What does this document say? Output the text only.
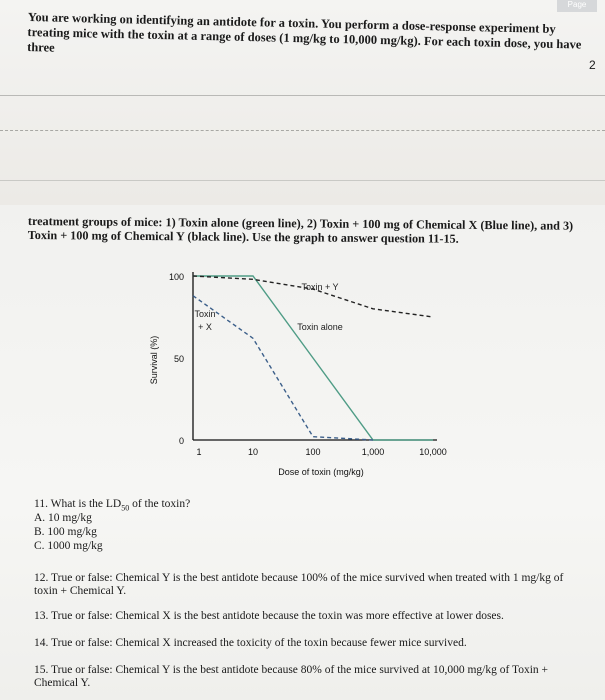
Page
You are working on identifying an antidote for a toxin. You perform a dose-response experiment by treating mice with the toxin at a range of doses (1 mg/kg to 10,000 mg/kg). For each toxin dose, you have three
2
treatment groups of mice: 1) Toxin alone (green line), 2) Toxin + 100 mg of Chemical X (Blue line), and 3) Toxin + 100 mg of Chemical Y (black line). Use the graph to answer question 11-15.
0
50
100
1	10	100	1,000	10,000
Dose of toxin (mg/kg)
Survival (%)
Toxin alone
Toxin
+ X
Toxin + Y
11. What is the $LD_{50}$ of the toxin?
A. 10 mg/kg
B. 100 mg/kg
C. 1000 mg/kg
12. True or false: Chemical Y is the best antidote because 100% of the mice survived when treated with 1 mg/kg of toxin + Chemical Y.
13. True or false: Chemical X is the best antidote because the toxin was more effective at lower doses.
14. True or false: Chemical X increased the toxicity of the toxin because fewer mice survived.
15. True or false: Chemical Y is the best antidote because 80% of the mice survived at 10,000 mg/kg of Toxin + Chemical Y.
